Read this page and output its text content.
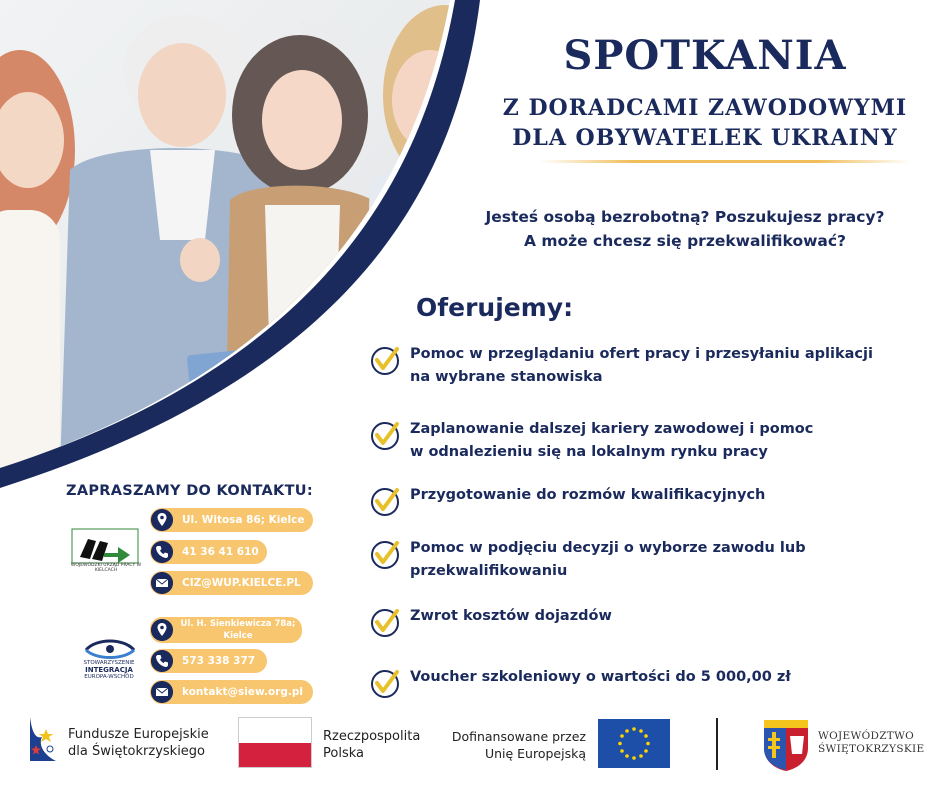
SPOTKANIA
Z DORADCAMI ZAWODOWYMI
DLA OBYWATELEK UKRAINY
Jesteś osobą bezrobotną? Poszukujesz pracy?
A może chcesz się przekwalifikować?
Oferujemy:
Pomoc w przeglądaniu ofert pracy i przesyłaniu aplikacji
na wybrane stanowiska
Zaplanowanie dalszej kariery zawodowej i pomoc
w odnalezieniu się na lokalnym rynku pracy
Przygotowanie do rozmów kwalifikacyjnych
Pomoc w podjęciu decyzji o wyborze zawodu lub
przekwalifikowaniu
Zwrot kosztów dojazdów
Voucher szkoleniowy o wartości do 5 000,00 zł
ZAPRASZAMY DO KONTAKTU:
WOJEWÓDZKI URZĄD PRACY W KIELCACH
Ul. Witosa 86; Kielce
41 36 41 610
CIZ@WUP.KIELCE.PL
STOWARZYSZENIE
INTEGRACJA
EUROPA-WSCHÓD
Ul. H. Sienkiewicza 78a;
Kielce
573 338 377
kontakt@siew.org.pl
Fundusze Europejskie
dla Świętokrzyskiego
Rzeczpospolita
Polska
Dofinansowane przez
Unię Europejską
WOJEWÓDZTWO
ŚWIĘTOKRZYSKIE
